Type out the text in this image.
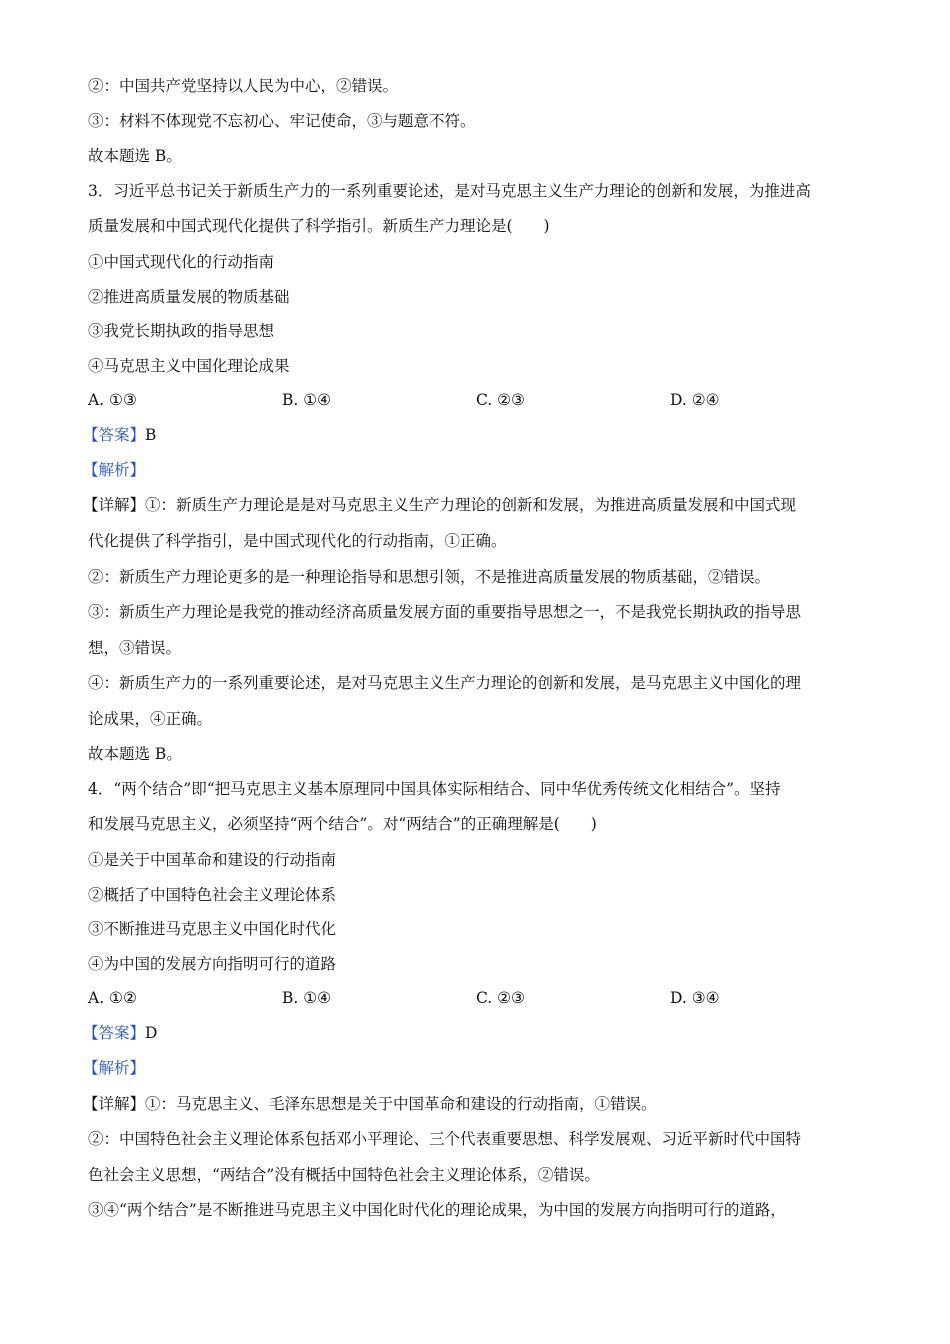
②：中国共产党坚持以人民为中心，②错误。
③：材料不体现党不忘初心、牢记使命，③与题意不符。
故本题选 B。
3．习近平总书记关于新质生产力的一系列重要论述，是对马克思主义生产力理论的创新和发展，为推进高
质量发展和中国式现代化提供了科学指引。新质生产力理论是(　　)
①中国式现代化的行动指南
②推进高质量发展的物质基础
③我党长期执政的指导思想
④马克思主义中国化理论成果
A. ①③	B. ①④	C. ②③	D. ②④
【答案】B
【解析】
【详解】①：新质生产力理论是是对马克思主义生产力理论的创新和发展，为推进高质量发展和中国式现
代化提供了科学指引，是中国式现代化的行动指南，①正确。
②：新质生产力理论更多的是一种理论指导和思想引领，不是推进高质量发展的物质基础，②错误。
③：新质生产力理论是我党的推动经济高质量发展方面的重要指导思想之一，不是我党长期执政的指导思
想，③错误。
④：新质生产力的一系列重要论述，是对马克思主义生产力理论的创新和发展，是马克思主义中国化的理
论成果，④正确。
故本题选 B。
4．“两个结合”即“把马克思主义基本原理同中国具体实际相结合、同中华优秀传统文化相结合”。坚持
和发展马克思主义，必须坚持“两个结合”。对“两结合”的正确理解是(　　)
①是关于中国革命和建设的行动指南
②概括了中国特色社会主义理论体系
③不断推进马克思主义中国化时代化
④为中国的发展方向指明可行的道路
A. ①②	B. ①④	C. ②③	D. ③④
【答案】D
【解析】
【详解】①：马克思主义、毛泽东思想是关于中国革命和建设的行动指南，①错误。
②：中国特色社会主义理论体系包括邓小平理论、三个代表重要思想、科学发展观、习近平新时代中国特
色社会主义思想，“两结合”没有概括中国特色社会主义理论体系，②错误。
③④“两个结合”是不断推进马克思主义中国化时代化的理论成果，为中国的发展方向指明可行的道路，
